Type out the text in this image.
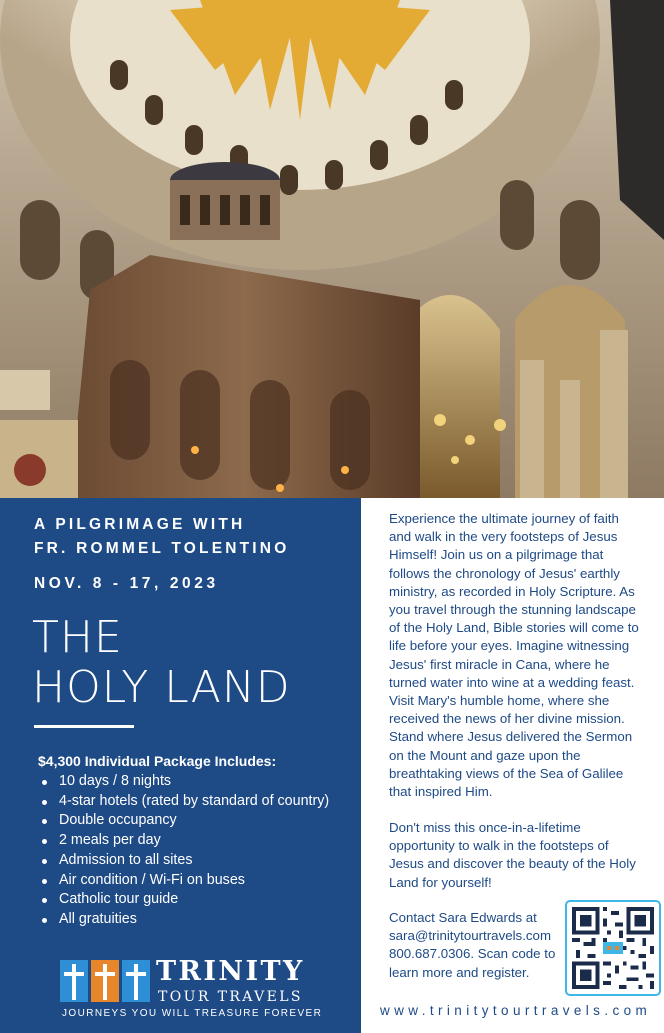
A PILGRIMAGE WITH
FR. ROMMEL TOLENTINO
NOV. 8 - 17, 2023
THE
HOLY LAND
$4,300 Individual Package Includes:
10 days / 8 nights
4-star hotels (rated by standard of country)
Double occupancy
2 meals per day
Admission to all sites
Air condition / Wi-Fi on buses
Catholic tour guide
All gratuities
TRINITY
TOUR TRAVELS
JOURNEYS YOU WILL TREASURE FOREVER

Experience the ultimate journey of faith and walk in the very footsteps of Jesus Himself! Join us on a pilgrimage that follows the chronology of Jesus' earthly ministry, as recorded in Holy Scripture. As you travel through the stunning landscape of the Holy Land, Bible stories will come to life before your eyes. Imagine witnessing Jesus' first miracle in Cana, where he turned water into wine at a wedding feast. Visit Mary's humble home, where she received the news of her divine mission. Stand where Jesus delivered the Sermon on the Mount and gaze upon the breathtaking views of the Sea of Galilee that inspired Him.

Don't miss this once-in-a-lifetime opportunity to walk in the footsteps of Jesus and discover the beauty of the Holy Land for yourself!

Contact Sara Edwards at sara@trinitytourtravels.com 800.687.0306. Scan code to learn more and register.

www.trinitytourtravels.com
